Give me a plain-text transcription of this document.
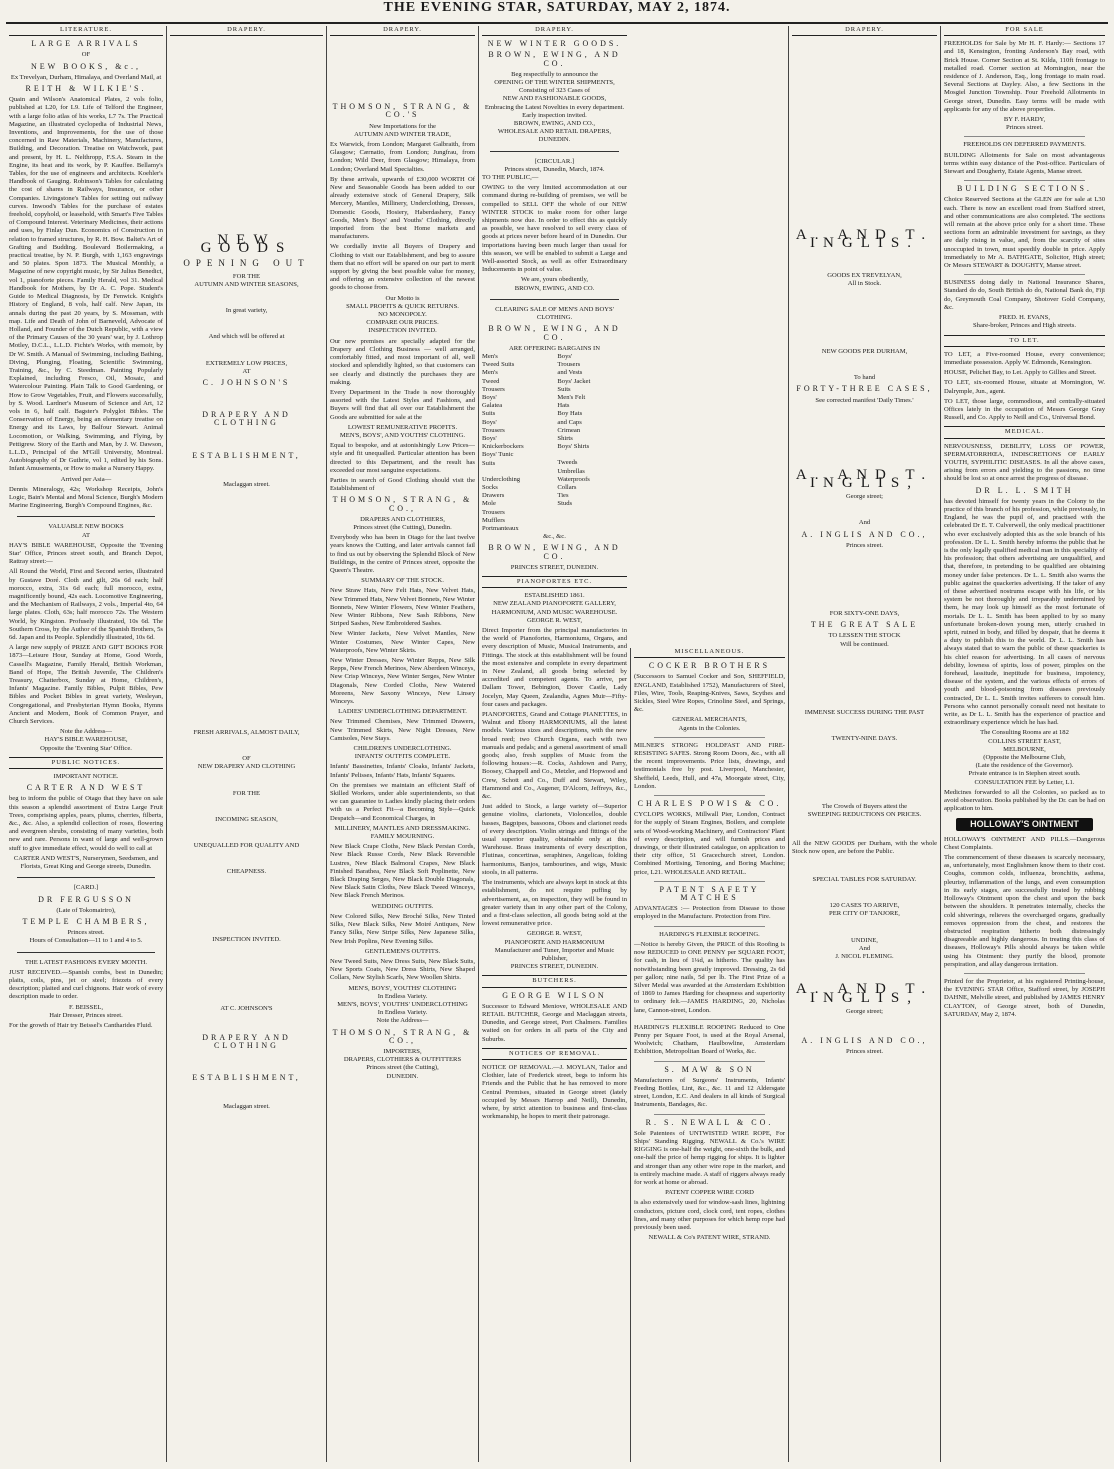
THE EVENING STAR, SATURDAY, MAY 2, 1874.
LITERATURE.
LARGE ARRIVALS
OF
NEW BOOKS, &c.,
Ex Trevelyan, Durham, Himalaya, and Overland Mail, at
REITH & WILKIE'S.
Quain and Wilson's Anatomical Plates, 2 vols folio, published at L20, for L9. Life of Telford the Engineer, with a large folio atlas of his works, L7 7s. The Practical Magazine, an illustrated cyclopedia of Industrial News, Inventions, and Improvements, for the use of those concerned in Raw Materials, Machinery, Manufactures, Building, and Decoration. Treatise on Watchwork, past and present, by H. L. Nelthropp, F.S.A. Steam in the Engine, its heat and its work, by P. Kauffee. Bellamy's Tables, for the use of engineers and architects. Koehler's Handbook of Gauging. Robinson's Tables for calculating the cost of shares in Railways, Insurance, or other Companies. Livingstone's Tables for setting out railway curves. Inwood's Tables for the purchase of estates freehold, copyhold, or leasehold, with Smart's Five Tables of Compound Interest. Veterinary Medicines, their actions and uses, by Finlay Dun. Economics of Construction in relation to framed structures, by R. H. Bow. Baltet's Art of Grafting and Budding. Boulevard Boilermaking, a practical treatise, by N. P. Burgh, with 1,163 engravings and 50 plates. Spon 1873. The Musical Monthly, a Magazine of new copyright music, by Sir Julius Benedict, vol 1, pianoforte pieces. Family Herald, vol 31. Medical Handbook for Mothers, by Dr A. C. Pope. Student's Guide to Medical Diagnosis, by Dr Fenwick. Knight's History of England, 8 vols, half calf. New Japan, its annals during the past 20 years, by S. Mossman, with map. Life and Death of John of Barneveld, Advocate of Holland, and Founder of the Dutch Republic, with a view of the Primary Causes of the 30 years' war, by J. Lothrop Motley, D.C.L., L.L.D. Fichte's Works, with memoir, by Dr W. Smith. A Manual of Swimming, including Bathing, Diving, Plunging, Floating, Scientific Swimming, Training, &c., by C. Steedman. Painting Popularly Explained, including Fresco, Oil, Mosaic, and Watercolour Painting. Plain Talk to Good Gardening, or How to Grow Vegetables, Fruit, and Flowers successfully, by S. Wood. Lardner's Museum of Science and Art, 12 vols in 6, half calf. Bagster's Polyglot Bibles. The Conservation of Energy, being an elementary treatise on Energy and its Laws, by Balfour Stewart. Animal Locomotion, or Walking, Swimming, and Flying, by Pettigrew. Story of the Earth and Man, by J. W. Dawson, L.L.D., Principal of the M'Gill University, Montreal. Autobiography of Dr Guthrie, vol 1, edited by his Sons. Infant Amusements, or How to make a Nursery Happy.
Arrived per Asia—
Dennis Mineralogy, 42s; Workshop Receipts, John's Logic, Bain's Mental and Moral Science, Burgh's Modern Marine Engineering, Burgh's Compound Engines, &c.
VALUABLE NEW BOOKS
AT
HAY'S BIBLE WAREHOUSE, Opposite the 'Evening Star' Office, Princes street south, and Branch Depot, Rattray street:—
All Round the World, First and Second series, illustrated by Gustave Doré. Cloth and gilt, 26s 6d each; half morocco, extra, 31s 6d each; full morocco, extra, magnificently bound, 42s each. Locomotive Engineering, and the Mechanism of Railways, 2 vols., Imperial 4to, 64 large plates. Cloth, 63s; half morocco 72s. The Western World, by Kingston. Profusely illustrated, 10s 6d. The Southern Cross, by the Author of the Spanish Brothers, 5s 6d. Japan and its People. Splendidly illustrated, 10s 6d.
A large new supply of PRIZE AND GIFT BOOKS FOR 1873—Leisure Hour, Sunday at Home, Good Words, Cassell's Magazine, Family Herald, British Workman, Band of Hope, The British Juvenile, The Children's Treasury, Chatterbox, Sunday at Home, Children's, Infants' Magazine. Family Bibles, Pulpit Bibles, Pew Bibles and Pocket Bibles in great variety, Wesleyan, Congregational, and Presbyterian Hymn Books, Hymns Ancient and Modern, Book of Common Prayer, and Church Services.
Note the Address—
HAY'S BIBLE WAREHOUSE,
Opposite the 'Evening Star' Office.
PUBLIC NOTICES.
IMPORTANT NOTICE.
CARTER AND WEST
beg to inform the public of Otago that they have on sale this season a splendid assortment of Extra Large Fruit Trees, comprising apples, pears, plums, cherries, filberts, &c., &c. Also, a splendid collection of roses, flowering and evergreen shrubs, consisting of many varieties, both new and rare. Persons in want of large and well-grown stuff to give immediate effect, would do well to call at
CARTER AND WEST'S, Nurserymen, Seedsmen, and Florists, Great King and George streets, Dunedin.
[CARD.]
DR FERGUSSON
(Late of Tokomairiro),
TEMPLE CHAMBERS,
Princes street.
Hours of Consultation—11 to 1 and 4 to 5.
THE LATEST FASHIONS EVERY MONTH.
JUST RECEIVED.—Spanish combs, best in Dunedin; plaits, coils, pins, jet or steel; friezets of every description; plaited and curl chignons. Hair work of every description made to order.
F. BEISSEL,
Hair Dresser, Princes street.
For the growth of Hair try Beissel's Cantharides Fluid.
DRAPERY.
NEW GOODS
OPENING OUT
FOR THE
AUTUMN AND WINTER SEASONS,
In great variety,
And which will be offered at
EXTREMELY LOW PRICES,
AT
C. JOHNSON'S
DRAPERY AND CLOTHING
ESTABLISHMENT,
Maclaggan street.
FRESH ARRIVALS, ALMOST DAILY,
OF
NEW DRAPERY AND CLOTHING
FOR THE
INCOMING SEASON,
UNEQUALLED FOR QUALITY AND
CHEAPNESS.
INSPECTION INVITED.
AT C. JOHNSON'S
DRAPERY AND CLOTHING
ESTABLISHMENT,
Maclaggan street.
DRAPERY.
THOMSON, STRANG, & CO.'S
New Importations for the
AUTUMN AND WINTER TRADE,
Ex Warwick, from London; Margaret Galbraith, from Glasgow; Cærnatio, from London; Jungfrau, from London; Wild Deer, from Glasgow; Himalaya, from London; Overland Mail Specialties.
By these arrivals, upwards of £30,000 WORTH Of New and Seasonable Goods has been added to our already extensive stock of General Drapery, Silk Mercery, Mantles, Millinery, Underclothing, Dresses, Domestic Goods, Hosiery, Haberdashery, Fancy Goods, Men's Boys' and Youths' Clothing, directly imported from the best Home markets and manufacturers.
We cordially invite all Buyers of Drapery and Clothing to visit our Establishment, and beg to assure them that no effort will be spared on our part to merit support by giving the best possible value for money, and offering an extensive collection of the newest goods to choose from.
Our Motto is
SMALL PROFITS & QUICK RETURNS.
NO MONOPOLY.
COMPARE OUR PRICES.
INSPECTION INVITED.
Our new premises are specially adapted for the Drapery and Clothing Business — well arranged, comfortably fitted, and most important of all, well stocked and splendidly lighted, so that customers can see clearly and distinctly the purchases they are making.
Every Department in the Trade is now thoroughly assorted with the Latest Styles and Fashions, and Buyers will find that all over our Establishment the Goods are submitted for sale at the
LOWEST REMUNERATIVE PROFITS.
MEN'S, BOYS', AND YOUTHS' CLOTHING.
Equal to bespoke, and at astonishingly Low Prices—style and fit unequalled. Particular attention has been directed to this Department, and the result has exceeded our most sanguine expectations.
Parties in search of Good Clothing should visit the Establishment of
THOMSON, STRANG, & CO.,
DRAPERS AND CLOTHIERS,
Princes street (the Cutting), Dunedin.
Everybody who has been in Otago for the last twelve years knows the Cutting, and later arrivals cannot fail to find us out by observing the Splendid Block of New Buildings, in the centre of Princes street, opposite the Queen's Theatre.
SUMMARY OF THE STOCK.
New Straw Hats, New Felt Hats, New Velvet Hats, New Trimmed Hats, New Velvet Bonnets, New Winter Bonnets, New Winter Flowers, New Winter Feathers, New Winter Ribbons, New Sash Ribbons, New Striped Sashes, New Embroidered Sashes.
New Winter Jackets, New Velvet Mantles, New Winter Costumes, New Winter Capes, New Waterproofs, New Winter Skirts.
New Winter Dresses, New Winter Repps, New Silk Repps, New French Merinos, New Aberdeen Winceys, New Crisp Winceys, New Winter Serges, New Winter Diagonals, New Corded Cloths, New Watered Moreens, New Saxony Winceys, New Linsey Winceys.
LADIES' UNDERCLOTHING DEPARTMENT.
New Trimmed Chemises, New Trimmed Drawers, New Trimmed Skirts, New Night Dresses, New Camisoles, New Stays.
CHILDREN'S UNDERCLOTHING.
INFANTS' OUTFITS COMPLETE.
Infants' Bassinettes, Infants' Cloaks, Infants' Jackets, Infants' Pelisses, Infants' Hats, Infants' Squares.
On the premises we maintain an efficient Staff of Skilled Workers, under able superintendents, so that we can guarantee to Ladies kindly placing their orders with us a Perfect Fit—a Becoming Style—Quick Despatch—and Economical Charges, in
MILLINERY, MANTLES AND DRESSMAKING.
FAMILY MOURNING.
New Black Crape Cloths, New Black Persian Cords, New Black Russe Cords, New Black Reversible Lustres, New Black Balmoral Crapes, New Black Finished Barathea, New Black Soft Poplinette, New Black Draping Serges, New Black Double Diagonals, New Black Satin Cloths, New Black Tweed Winceys, New Black French Merinos.
WEDDING OUTFITS.
New Colored Silks, New Broché Silks, New Tinted Silks, New Black Silks, New Moiré Antiques, New Fancy Silks, New Stripe Silks, New Japanese Silks, New Irish Poplins, New Evening Silks.
GENTLEMEN'S OUTFITS.
New Tweed Suits, New Dress Suits, New Black Suits, New Sports Coats, New Dress Shirts, New Shaped Collars, New Stylish Scarfs, New Woollen Shirts.
MEN'S, BOYS', YOUTHS' CLOTHING
In Endless Variety.
MEN'S, BOYS', YOUTHS' UNDERCLOTHING
In Endless Variety.
Note the Address—
THOMSON, STRANG, & CO.,
IMPORTERS,
DRAPERS, CLOTHIERS & OUTFITTERS
Princes street (the Cutting),
DUNEDIN.
DRAPERY.
NEW WINTER GOODS.
BROWN, EWING, AND CO.
Beg respectfully to announce the
OPENING OF THE WINTER SHIPMENTS,
Consisting of 323 Cases of
NEW AND FASHIONABLE GOODS,
Embracing the Latest Novelties in every department. Early inspection invited.
BROWN, EWING, AND CO.,
WHOLESALE AND RETAIL DRAPERS,
DUNEDIN.
[CIRCULAR.]
Princes street, Dunedin, March, 1874.
TO THE PUBLIC,—
OWING to the very limited accommodation at our command during re-building of premises, we will be compelled to SELL OFF the whole of our NEW WINTER STOCK to make room for other large shipments now due. In order to effect this as quickly as possible, we have resolved to sell every class of goods at prices never before heard of in Dunedin. Our importations having been much larger than usual for this season, we will be enabled to submit a Large and Well-assorted Stock, as well as offer Extraordinary Inducements in point of value.
We are, yours obediently,
BROWN, EWING, AND CO.
CLEARING SALE OF MEN'S AND BOYS' CLOTHING.
BROWN, EWING, AND CO.
ARE OFFERING BARGAINS IN
Men's Tweed Suits
Men's Tweed Trousers
Boys' Galatea Suits
Boys' Trousers
Boys' Knickerbockers
Boys' Tunic Suits
Underclothing
Socks
Drawers
Mole Trousers
Mufflers
Portmanteaux
Boys' Trousers and Vests
Boys' Jacket Suits
Men's Felt Hats
Boy Hats and Caps
Crimean Shirts
Boys' Shirts
Tweeds
Umbrellas
Waterproofs
Collars
Ties
Studs
&c., &c.
BROWN, EWING, AND CO.
PRINCES STREET, DUNEDIN.
PIANOFORTES ETC.
ESTABLISHED 1861.
NEW ZEALAND PIANOFORTE GALLERY, HARMONIUM, AND MUSIC WAREHOUSE.
GEORGE R. WEST,
Direct Importer from the principal manufactories in the world of Pianofortes, Harmoniums, Organs, and every description of Music, Musical Instruments, and Fittings. The stock at this establishment will be found the most extensive and complete in every department in New Zealand, all goods being selected by accredited and competent agents. To arrive, per Dallam Tower, Bebington, Dover Castle, Lady Jocelyn, May Queen, Zealandia, Agnes Muir—Fifty-four cases and packages.
PIANOFORTES, Grand and Cottage PIANETTES, in Walnut and Ebony HARMONIUMS, all the latest models. Various sizes and descriptions, with the new broad reed; two Church Organs, each with two manuals and pedals; and a general assortment of small goods; also, fresh supplies of Music from the following houses:—R. Cocks, Ashdown and Parry, Boosey, Chappell and Co., Metzler, and Hopwood and Crew, Schott and Co., Duff and Stewart, Wiley, Hammond and Co., Augener, D'Alcorn, Jeffreys, &c., &c.
Just added to Stock, a large variety of—Superior genuine violins, clarionets, Violoncellos, double basses, Bagpipes, bassoons, Oboes and clarionet reeds of every description. Violin strings and fittings of the usual superior quality, obtainable only at this Warehouse. Brass instruments of every description, Flutinas, concertinas, seraphines, Angelicas, folding harmoniums, Banjos, tambourines, and wigs, Music stools, in all patterns.
The instruments, which are always kept in stock at this establishment, do not require puffing by advertisement, as, on inspection, they will be found in greater variety than in any other part of the Colony, and a first-class selection, all goods being sold at the lowest remunerative price.
GEORGE R. WEST,
PIANOFORTE AND HARMONIUM
Manufacturer and Tuner, Importer and Music Publisher,
PRINCES STREET, DUNEDIN.
BUTCHERS.
GEORGE WILSON
Successor to Edward Meniove, WHOLESALE AND RETAIL BUTCHER, George and Maclaggan streets, Dunedin, and George street, Port Chalmers. Families waited on for orders in all parts of the City and Suburbs.
NOTICES OF REMOVAL.
NOTICE OF REMOVAL.—J. MOYLAN, Tailor and Clothier, late of Frederick street, begs to inform his Friends and the Public that he has removed to more Central Premises, situated in George street (lately occupied by Messrs Harrop and Neill), Dunedin, where, by strict attention to business and first-class workmanship, he hopes to merit their patronage.
MISCELLANEOUS.
COCKER BROTHERS
(Successors to Samuel Cocker and Son, SHEFFIELD, ENGLAND, Established 1752), Manufacturers of Steel, Files, Wire, Tools, Reaping-Knives, Saws, Scythes and Sickles, Steel Wire Ropes, Crinoline Steel, and Springs, &c.
GENERAL MERCHANTS,
Agents in the Colonies.
MILNER'S STRONG HOLDFAST AND FIRE-RESISTING SAFES. Strong Room Doors, &c., with all the recent improvements. Price lists, drawings, and testimonials free by post. Liverpool, Manchester, Sheffield, Leeds, Hull, and 47a, Moorgate street, City, London.
CHARLES POWIS & CO.
CYCLOPS WORKS, Millwall Pier, London, Contract for the supply of Steam Engines, Boilers, and complete sets of Wood-working Machinery, and Contractors' Plant of every description, and will furnish prices and drawings, or their illustrated catalogue, on application to their city office, 51 Gracechurch street, London. Combined Mortising, Tenoning, and Boring Machine; price, L21. WHOLESALE AND RETAIL.
PATENT SAFETY MATCHES
ADVANTAGES :— Protection from Disease to those employed in the Manufacture. Protection from Fire.
HARDING'S FLEXIBLE ROOFING.
—Notice is hereby Given, the PRICE of this Roofing is now REDUCED to ONE PENNY per SQUARE FOOT, for cash, in lieu of 1¼d, as hitherto. The quality has notwithstanding been greatly improved. Dressing, 2s 6d per gallon; nine nails, 5d per lb. The First Prize of a Silver Medal was awarded at the Amsterdam Exhibition of 1869 to James Harding for cheapness and superiority to ordinary felt.—JAMES HARDING, 20, Nicholas lane, Cannon-street, London.
HARDING'S FLEXIBLE ROOFING Reduced to One Penny per Square Foot, is used at the Royal Arsenal, Woolwich; Chatham, Haulbowline, Amsterdam Exhibition, Metropolitan Board of Works, &c.
S. MAW & SON
Manufacturers of Surgeons' Instruments, Infants' Feeding Bottles, Lint, &c., &c. 11 and 12 Aldersgate street, London, E.C. And dealers in all kinds of Surgical Instruments, Bandages, &c.
R. S. NEWALL & CO.
Sole Patentees of UNTWISTED WIRE ROPE, For Ships' Standing Rigging. NEWALL & Co.'s WIRE RIGGING is one-half the weight, one-sixth the bulk, and one-half the price of hemp rigging for ships. It is lighter and stronger than any other wire rope in the market, and is entirely machine made. A staff of riggers always ready for work at home or abroad.
PATENT COPPER WIRE CORD
is also extensively used for window-sash lines, lightning conductors, picture cord, clock cord, tent ropes, clothes lines, and many other purposes for which hemp rope had previously been used.
NEWALL & Co's PATENT WIRE, STRAND.
DRAPERY.
A. AND T. INGLIS.
GOODS EX TREVELYAN,
All in Stock.
NEW GOODS PER DURHAM,
To hand
FORTY-THREE CASES,
See corrected manifest 'Daily Times.'
A. AND T. INGLIS,
George street;
And
A. INGLIS AND CO.,
Princes street.
FOR SIXTY-ONE DAYS,
THE GREAT SALE
TO LESSEN THE STOCK
Will be continued.
IMMENSE SUCCESS DURING THE PAST
TWENTY-NINE DAYS.
The Crowds of Buyers attest the
SWEEPING REDUCTIONS ON PRICES.
All the NEW GOODS per Durham, with the whole Stock now open, are before the Public.
SPECIAL TABLES FOR SATURDAY.
120 CASES TO ARRIVE,
PER CITY OF TANJORE,
UNDINE,
And
J. NICOL FLEMING.
A. AND T. INGLIS,
George street;
A. INGLIS AND CO.,
Princes street.
FOR SALE
FREEHOLDS for Sale by Mr H. F. Hardy:— Sections 17 and 18, Kensington, fronting Anderson's Bay road, with Brick House. Corner Section at St. Kilda, 110ft frontage to metalled road. Corner section at Mornington, near the residence of J. Anderson, Esq., long frontage to main road. Several Sections at Dayley. Also, a few Sections in the Mosgiel Junction Township. Four Freehold Allotments in George street, Dunedin. Easy terms will be made with applicants for any of the above properties.
BY F. HARDY,
Princes street.
FREEHOLDS ON DEFERRED PAYMENTS.
BUILDING Allotments for Sale on most advantageous terms within easy distance of the Post-office. Particulars of Stewart and Dougherty, Estate Agents, Manse street.
BUILDING SECTIONS.
Choice Reserved Sections at the GLEN are for sale at L30 each. There is now an excellent road from Stafford street, and other communications are also completed. The sections will remain at the above price only for a short time. These sections form an admirable investment for savings, as they are daily rising in value, and, from the scarcity of sites unoccupied in town, must speedily double in price. Apply immediately to Mr A. BATHGATE, Solicitor, High street; Or Messrs STEWART & DOUGHTY, Manse street.
BUSINESS doing daily in National Insurance Shares, Standard do do, South British do do, National Bank do, Fiji do, Greymouth Coal Company, Shotover Gold Company, &c.
FRED. H. EVANS,
Share-broker, Princes and High streets.
TO LET.
TO LET, a Five-roomed House, every convenience; immediate possession. Apply W. Edmonds, Kensington.
HOUSE, Pelichet Bay, to Let. Apply to Gillies and Street.
TO LET, six-roomed House, situate at Mornington, W. Dalrymple, Jun., agent.
TO LET, those large, commodious, and centrally-situated Offices lately in the occupation of Messrs George Gray Russell, and Co. Apply to Neill and Co., Universal Bond.
MEDICAL.
NERVOUSNESS, DEBILITY, LOSS OF POWER, SPERMATORRHŒA, INDISCRETIONS OF EARLY YOUTH, SYPHILITIC DISEASES. In all the above cases, arising from errors and yielding to the passions, no time should be lost so at once arrest the progress of disease.
DR L. L. SMITH
has devoted himself for twenty years in the Colony to the practice of this branch of his profession, while previously, in England, he was the pupil of, and practised with the celebrated Dr E. T. Culverwell, the only medical practitioner who ever exclusively adopted this as the sole branch of his profession. Dr L. L. Smith hereby informs the public that he is the only legally qualified medical man in this speciality of his profession; that others advertising are unqualified, and that, therefore, in pretending to be qualified are obtaining money under false pretences. Dr L. L. Smith also warns the public against the quackeries advertising. If the taker of any of these advertised nostrums escape with his life, or his system be not thoroughly and irreparably undermined by them, he may look up himself as the most fortunate of mortals. Dr L. L. Smith has been applied to by so many unfortunate broken-down young men, utterly crushed in spirit, ruined in body, and filled by despair, that he deems it a duty to publish this to the world. Dr L. L. Smith has always stated that to warn the public of these quackeries is his chief reason for advertising. In all cases of nervous debility, lowness of spirits, loss of power, pimples on the forehead, lassitude, ineptitude for business, impotency, disease of the system, and the various effects of errors of youth and blood-poisoning from diseases previously contracted, Dr L. L. Smith invites sufferers to consult him. Persons who cannot personally consult need not hesitate to write, as Dr L. L. Smith has the experience of practice and extraordinary experience which he has had.
The Consulting Rooms are at 182
COLLINS STREET EAST,
MELBOURNE,
(Opposite the Melbourne Club,
(Late the residence of the Governor).
Private entrance is in Stephen street south.
CONSULTATION FEE by Letter, L1.
Medicines forwarded to all the Colonies, so packed as to avoid observation. Books published by the Dr. can be had on application to him.
HOLLOWAY'S OINTMENT
HOLLOWAY'S OINTMENT AND PILLS.—Dangerous Chest Complaints.
The commencement of these diseases is scarcely necessary, as, unfortunately, most Englishmen know them to their cost. Coughs, common colds, influenza, bronchitis, asthma, pleurisy, inflammation of the lungs, and even consumption in its early stages, are successfully treated by rubbing Holloway's Ointment upon the chest and upon the back between the shoulders. It penetrates internally, checks the cold shiverings, relieves the overcharged organs, gradually removes oppression from the chest, and restores the obstructed respiration hitherto both distressingly disagreeable and highly dangerous. In treating this class of diseases, Holloway's Pills should always be taken while using his Ointment: they purify the blood, promote perspiration, and allay dangerous irritation.
Printed for the Proprietor, at his registered Printing-house, the EVENING STAR Office, Stafford street, by JOSEPH DAHNE, Melville street, and published by JAMES HENRY CLAYTON, of George street, both of Dunedin, SATURDAY, May 2, 1874.
